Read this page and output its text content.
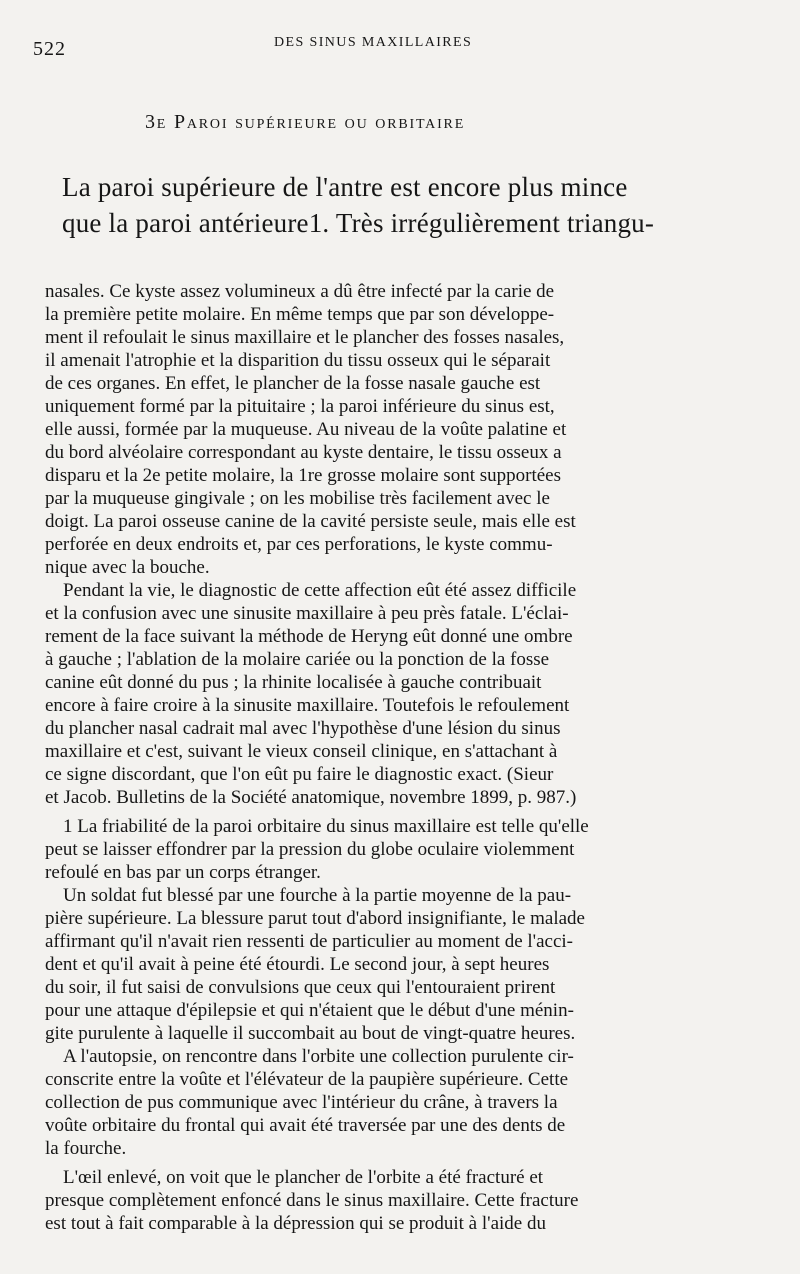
522	DES SINUS MAXILLAIRES
3e Paroi supérieure ou orbitaire

La paroi supérieure de l'antre est encore plus mince

que la paroi antérieure1. Très irrégulièrement triangu-

nasales. Ce kyste assez volumineux a dû être infecté par la carie de

la première petite molaire. En même temps que par son développe-

ment il refoulait le sinus maxillaire et le plancher des fosses nasales,

il amenait l'atrophie et la disparition du tissu osseux qui le séparait

de ces organes. En effet, le plancher de la fosse nasale gauche est

uniquement formé par la pituitaire ; la paroi inférieure du sinus est,

elle aussi, formée par la muqueuse. Au niveau de la voûte palatine et

du bord alvéolaire correspondant au kyste dentaire, le tissu osseux a

disparu et la 2e petite molaire, la 1re grosse molaire sont supportées

par la muqueuse gingivale ; on les mobilise très facilement avec le

doigt. La paroi osseuse canine de la cavité persiste seule, mais elle est

perforée en deux endroits et, par ces perforations, le kyste commu-

nique avec la bouche.

Pendant la vie, le diagnostic de cette affection eût été assez difficile

et la confusion avec une sinusite maxillaire à peu près fatale. L'éclai-

rement de la face suivant la méthode de Heryng eût donné une ombre

à gauche ; l'ablation de la molaire cariée ou la ponction de la fosse

canine eût donné du pus ; la rhinite localisée à gauche contribuait

encore à faire croire à la sinusite maxillaire. Toutefois le refoulement

du plancher nasal cadrait mal avec l'hypothèse d'une lésion du sinus

maxillaire et c'est, suivant le vieux conseil clinique, en s'attachant à

ce signe discordant, que l'on eût pu faire le diagnostic exact. (Sieur

et Jacob. Bulletins de la Société anatomique, novembre 1899, p. 987.)

1 La friabilité de la paroi orbitaire du sinus maxillaire est telle qu'elle

peut se laisser effondrer par la pression du globe oculaire violemment

refoulé en bas par un corps étranger.

Un soldat fut blessé par une fourche à la partie moyenne de la pau-

pière supérieure. La blessure parut tout d'abord insignifiante, le malade

affirmant qu'il n'avait rien ressenti de particulier au moment de l'acci-

dent et qu'il avait à peine été étourdi. Le second jour, à sept heures

du soir, il fut saisi de convulsions que ceux qui l'entouraient prirent

pour une attaque d'épilepsie et qui n'étaient que le début d'une ménin-

gite purulente à laquelle il succombait au bout de vingt-quatre heures.

A l'autopsie, on rencontre dans l'orbite une collection purulente cir-

conscrite entre la voûte et l'élévateur de la paupière supérieure. Cette

collection de pus communique avec l'intérieur du crâne, à travers la

voûte orbitaire du frontal qui avait été traversée par une des dents de

la fourche.

L'œil enlevé, on voit que le plancher de l'orbite a été fracturé et

presque complètement enfoncé dans le sinus maxillaire. Cette fracture

est tout à fait comparable à la dépression qui se produit à l'aide du
